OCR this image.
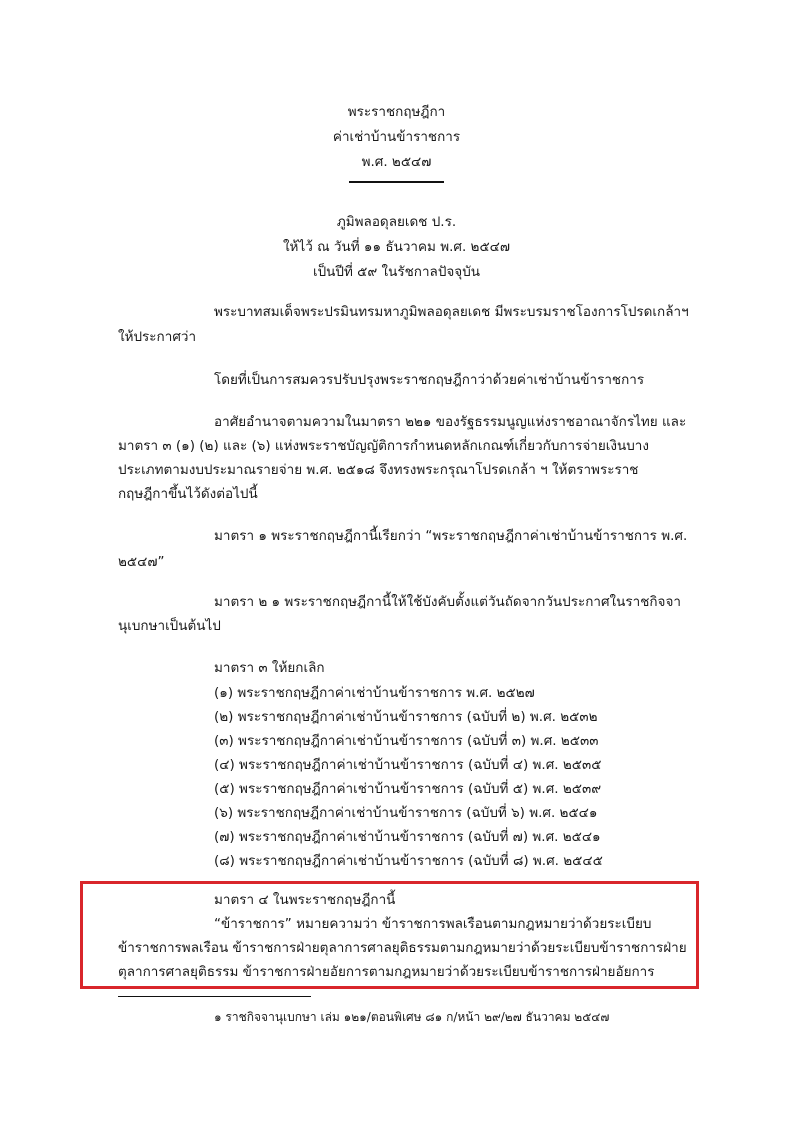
พระราชกฤษฎีกา
ค่าเช่าบ้านข้าราชการ
พ.ศ. ๒๕๔๗
ภูมิพลอดุลยเดช ป.ร.
ให้ไว้ ณ วันที่ ๑๑ ธันวาคม พ.ศ. ๒๕๔๗
เป็นปีที่ ๕๙ ในรัชกาลปัจจุบัน
พระบาทสมเด็จพระปรมินทรมหาภูมิพลอดุลยเดช มีพระบรมราชโองการโปรดเกล้าฯ
ให้ประกาศว่า
โดยที่เป็นการสมควรปรับปรุงพระราชกฤษฎีกาว่าด้วยค่าเช่าบ้านข้าราชการ
อาศัยอำนาจตามความในมาตรา ๒๒๑ ของรัฐธรรมนูญแห่งราชอาณาจักรไทย และ
มาตรา ๓ (๑) (๒) และ (๖) แห่งพระราชบัญญัติการกำหนดหลักเกณฑ์เกี่ยวกับการจ่ายเงินบาง
ประเภทตามงบประมาณรายจ่าย พ.ศ. ๒๕๑๘ จึงทรงพระกรุณาโปรดเกล้า ฯ ให้ตราพระราช
กฤษฎีกาขึ้นไว้ดังต่อไปนี้
มาตรา ๑ พระราชกฤษฎีกานี้เรียกว่า “พระราชกฤษฎีกาค่าเช่าบ้านข้าราชการ พ.ศ.
๒๕๔๗”
มาตรา ๒ ๑ พระราชกฤษฎีกานี้ให้ใช้บังคับตั้งแต่วันถัดจากวันประกาศในราชกิจจา
นุเบกษาเป็นต้นไป
มาตรา ๓ ให้ยกเลิก
(๑) พระราชกฤษฎีกาค่าเช่าบ้านข้าราชการ พ.ศ. ๒๕๒๗
(๒) พระราชกฤษฎีกาค่าเช่าบ้านข้าราชการ (ฉบับที่ ๒) พ.ศ. ๒๕๓๒
(๓) พระราชกฤษฎีกาค่าเช่าบ้านข้าราชการ (ฉบับที่ ๓) พ.ศ. ๒๕๓๓
(๔) พระราชกฤษฎีกาค่าเช่าบ้านข้าราชการ (ฉบับที่ ๔) พ.ศ. ๒๕๓๕
(๕) พระราชกฤษฎีกาค่าเช่าบ้านข้าราชการ (ฉบับที่ ๕) พ.ศ. ๒๕๓๙
(๖) พระราชกฤษฎีกาค่าเช่าบ้านข้าราชการ (ฉบับที่ ๖) พ.ศ. ๒๕๔๑
(๗) พระราชกฤษฎีกาค่าเช่าบ้านข้าราชการ (ฉบับที่ ๗) พ.ศ. ๒๕๔๑
(๘) พระราชกฤษฎีกาค่าเช่าบ้านข้าราชการ (ฉบับที่ ๘) พ.ศ. ๒๕๔๕
มาตรา ๔ ในพระราชกฤษฎีกานี้
“ข้าราชการ” หมายความว่า ข้าราชการพลเรือนตามกฎหมายว่าด้วยระเบียบ
ข้าราชการพลเรือน ข้าราชการฝ่ายตุลาการศาลยุติธรรมตามกฎหมายว่าด้วยระเบียบข้าราชการฝ่าย
ตุลาการศาลยุติธรรม ข้าราชการฝ่ายอัยการตามกฎหมายว่าด้วยระเบียบข้าราชการฝ่ายอัยการ
๑ ราชกิจจานุเบกษา เล่ม ๑๒๑/ตอนพิเศษ ๘๑ ก/หน้า ๒๙/๒๗ ธันวาคม ๒๕๔๗
